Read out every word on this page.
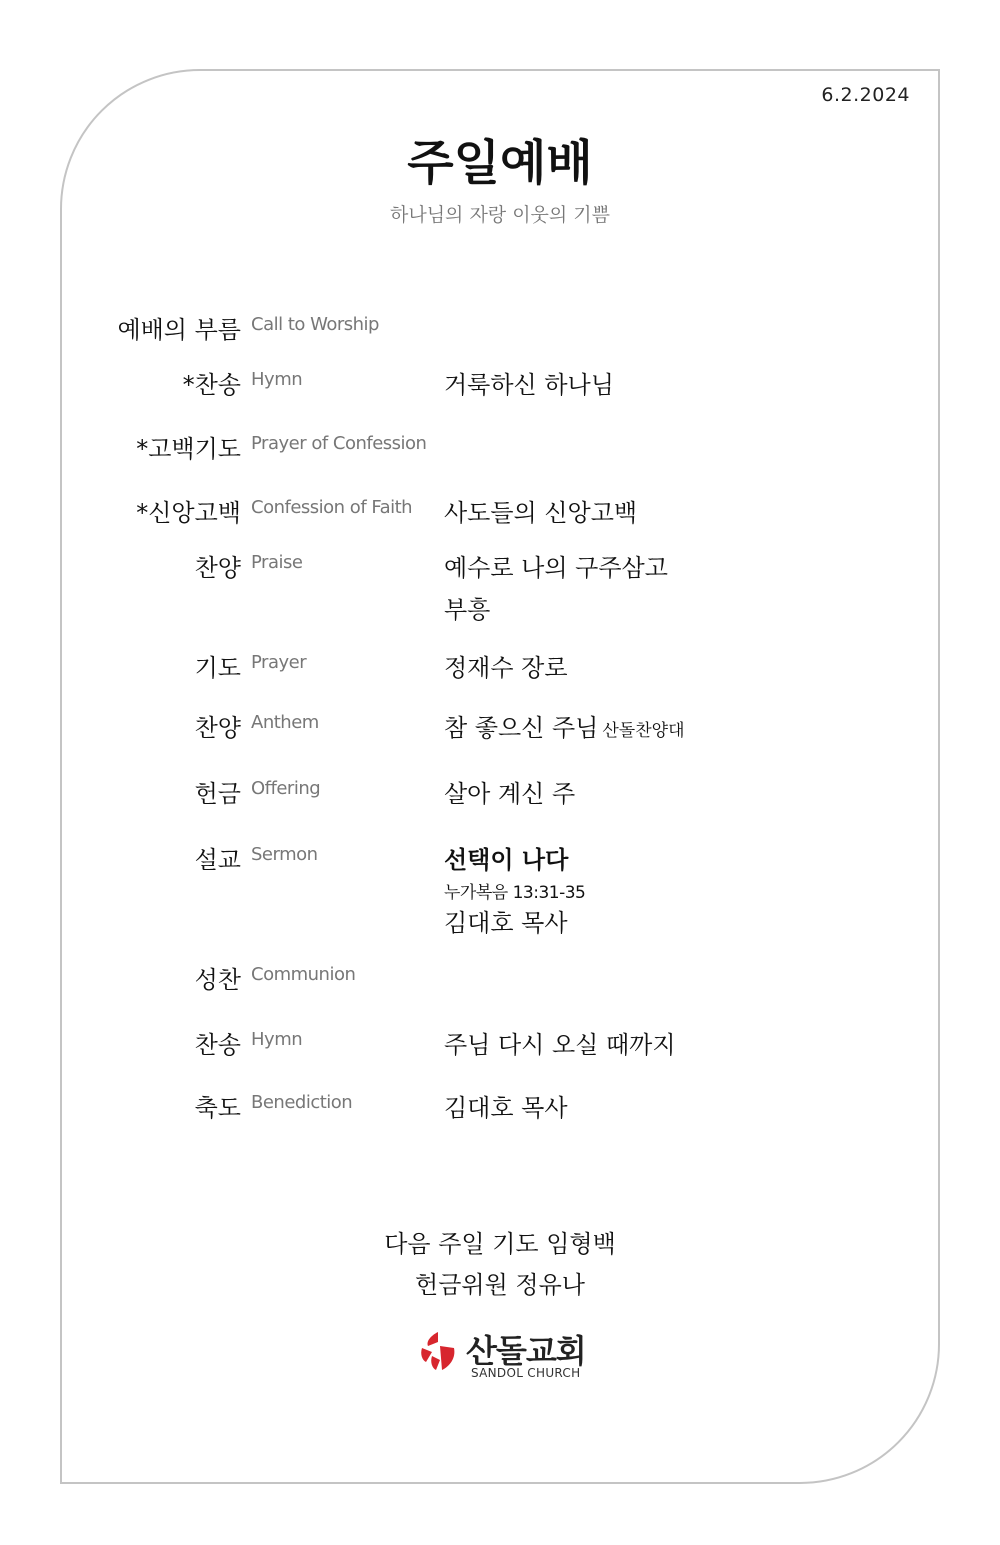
6.2.2024
주일예배
하나님의 자랑 이웃의 기쁨
예배의 부름 Call to Worship
*찬송 Hymn	거룩하신 하나님
*고백기도 Prayer of Confession
*신앙고백 Confession of Faith 사도들의 신앙고백
찬양 Praise	예수로 나의 구주삼고
부흥
기도 Prayer	정재수 장로
찬양 Anthem	참 좋으신 주님 산돌찬양대
헌금 Offering	살아 계신 주
설교 Sermon	선택이 나다
누가복음 13:31-35
김대호 목사
성찬 Communion
찬송 Hymn	주님 다시 오실 때까지
축도 Benediction	김대호 목사
다음 주일 기도 임형백
헌금위원 정유나
산돌교회
SANDOL CHURCH
